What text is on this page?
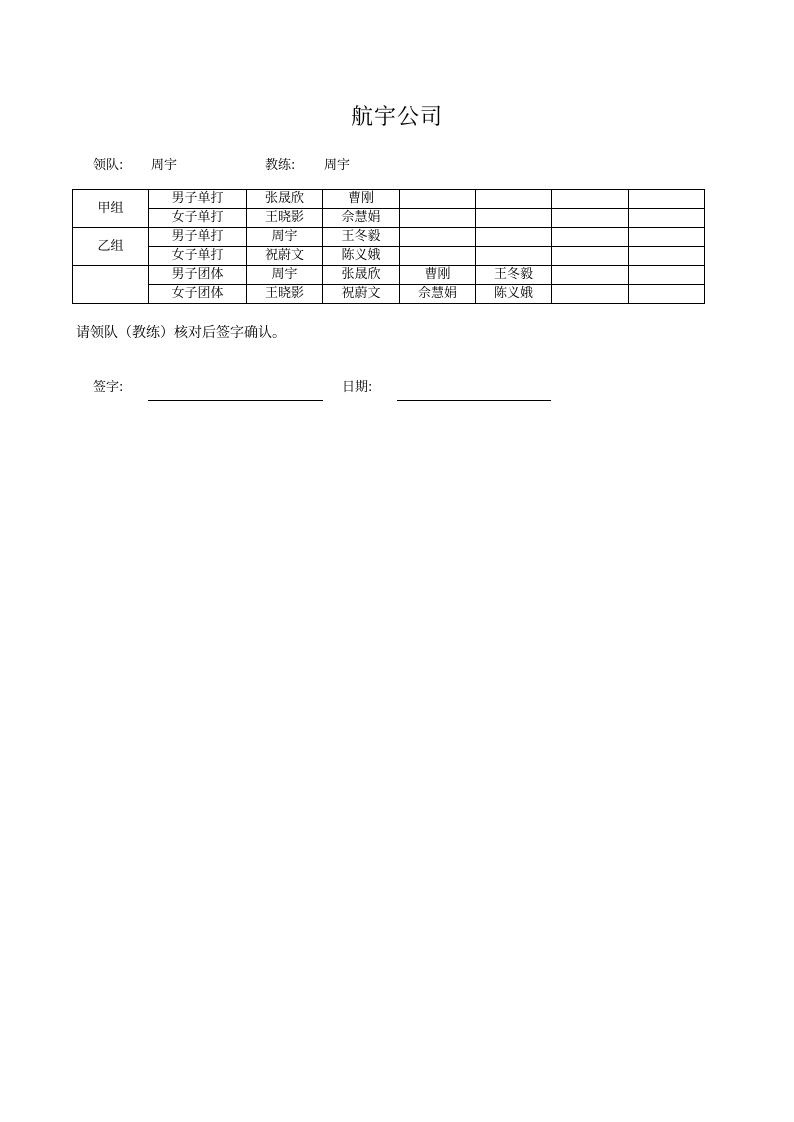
航宇公司
领队: 周宇	教练: 周宇
甲组	男子单打	张晟欣	曹刚				
	女子单打	王晓影	佘慧娟				
乙组	男子单打	周宇	王冬毅				
	女子单打	祝蔚文	陈义娥				
	男子团体	周宇	张晟欣	曹刚	王冬毅		
	女子团体	王晓影	祝蔚文	佘慧娟	陈义娥		
请领队（教练）核对后签字确认。
签字:	日期:
